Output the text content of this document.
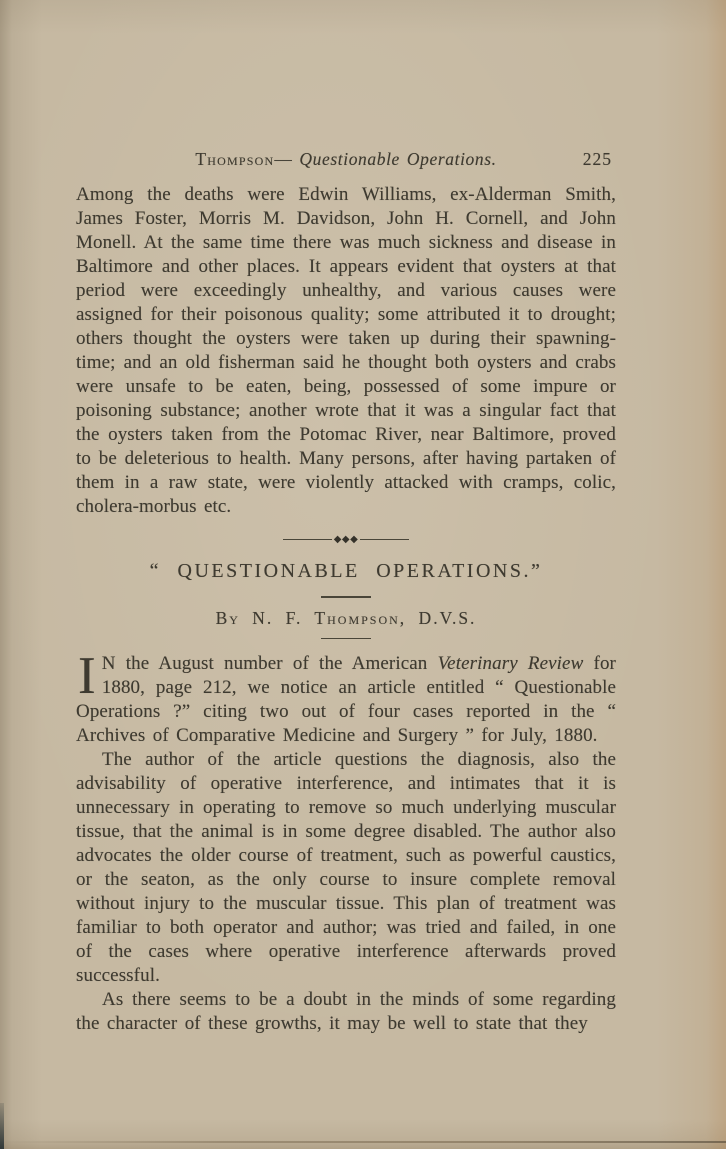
Thompson— Questionable Operations.	225

Among the deaths were Edwin Williams, ex-Alderman Smith, James Foster, Morris M. Davidson, John H. Cornell, and John Monell. At the same time there was much sickness and disease in Baltimore and other places. It appears evident that oysters at that period were exceedingly unhealthy, and various causes were assigned for their poisonous quality; some attributed it to drought; others thought the oysters were taken up during their spawning-time; and an old fisherman said he thought both oysters and crabs were unsafe to be eaten, being, possessed of some impure or poisoning substance; another wrote that it was a singular fact that the oysters taken from the Potomac River, near Baltimore, proved to be deleterious to health. Many persons, after having partaken of them in a raw state, were violently attacked with cramps, colic, cholera-morbus etc.

◆◆◆
“ QUESTIONABLE OPERATIONS.”
By N. F. Thompson, D.V.S.

I N the August number of the American Veterinary Review for 1880, page 212, we notice an article entitled “ Questionable Operations ?” citing two out of four cases reported in the “ Archives of Comparative Medicine and Surgery ” for July, 1880.

The author of the article questions the diagnosis, also the advisability of operative interference, and intimates that it is unnecessary in operating to remove so much underlying muscular tissue, that the animal is in some degree disabled. The author also advocates the older course of treatment, such as powerful caustics, or the seaton, as the only course to insure complete removal without injury to the muscular tissue. This plan of treatment was familiar to both operator and author; was tried and failed, in one of the cases where operative interference afterwards proved successful.

As there seems to be a doubt in the minds of some regarding the character of these growths, it may be well to state that they
